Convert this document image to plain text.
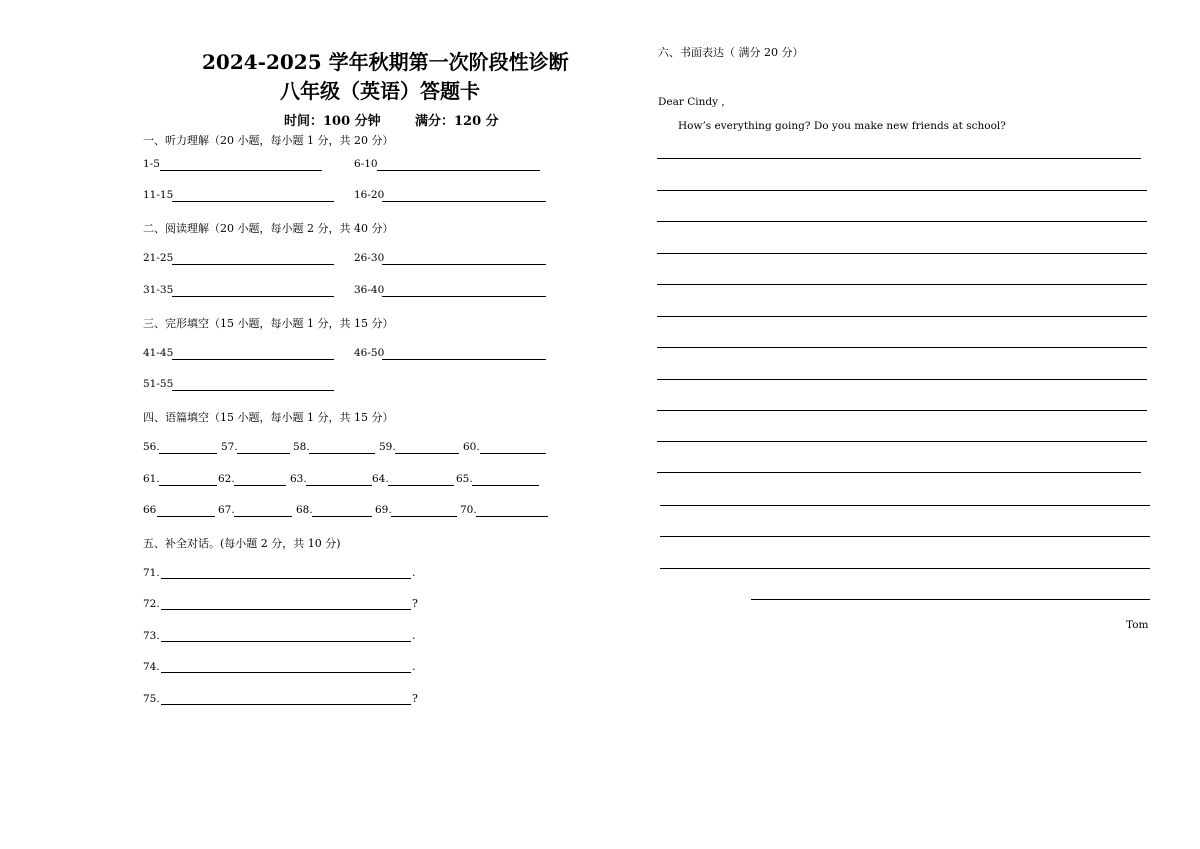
2024-2025 学年秋期第一次阶段性诊断
八年级（英语）答题卡
时间：100 分钟	满分：120 分
一、听力理解（20 小题，每小题 1 分，共 20 分）
1-5	6-10
11-15	16-20
二、阅读理解（20 小题，每小题 2 分，共 40 分）
21-25	26-30
31-35	36-40
三、完形填空（15 小题，每小题 1 分，共 15 分）
41-45	46-50
51-55
四、语篇填空（15 小题，每小题 1 分，共 15 分）
56.	57.	58.	59.	60.
61.	62.	63.	64.	65.
66	67.	68.	69.	70.
五、补全对话。(每小题 2 分，共 10 分)
71.	.
72.	?
73.	.
74.	.
75.	?
六、书面表达（ 满分 20 分）
Dear Cindy ,
How’s everything going? Do you make new friends at school?
Tom
